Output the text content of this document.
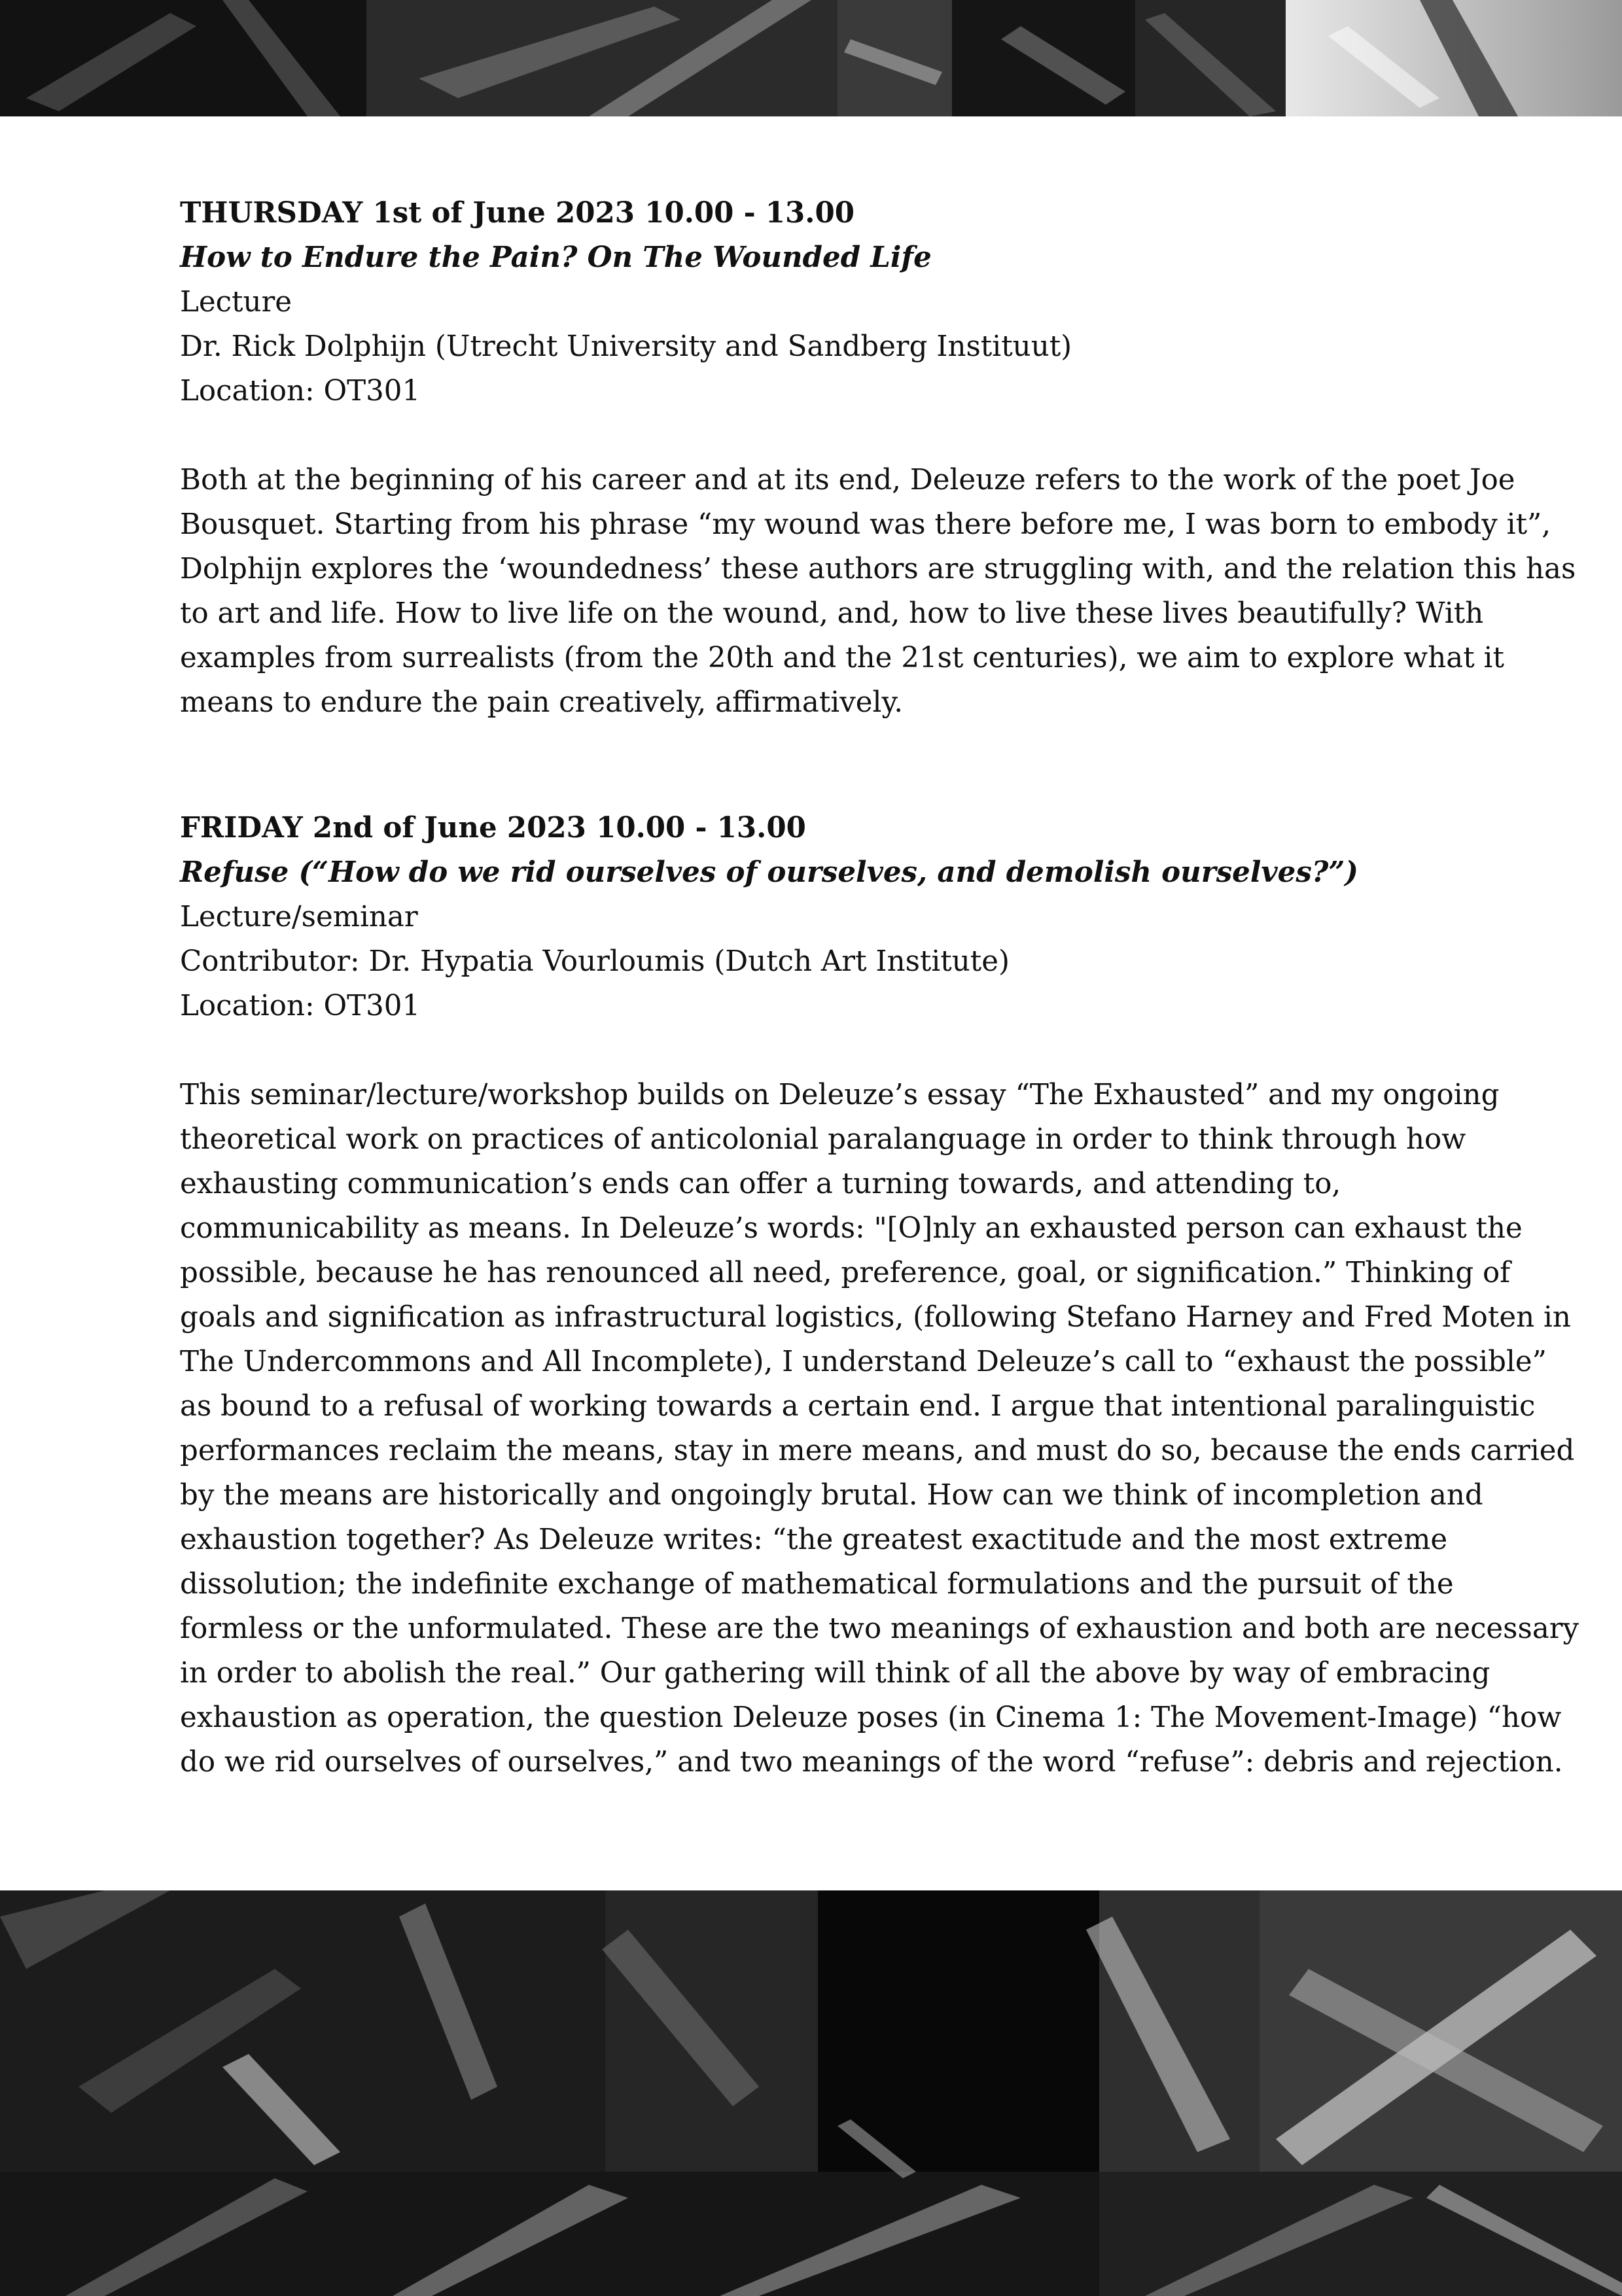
THURSDAY 1st of June 2023 10.00 - 13.00
How to Endure the Pain? On The Wounded Life
Lecture
Dr. Rick Dolphijn (Utrecht University and Sandberg Instituut)
Location: OT301
Both at the beginning of his career and at its end, Deleuze refers to the work of the poet Joe
Bousquet. Starting from his phrase “my wound was there before me, I was born to embody it”,
Dolphijn explores the ‘woundedness’ these authors are struggling with, and the relation this has
to art and life. How to live life on the wound, and, how to live these lives beautifully? With
examples from surrealists (from the 20th and the 21st centuries), we aim to explore what it
means to endure the pain creatively, affirmatively.
FRIDAY 2nd of June 2023 10.00 - 13.00
Refuse (“How do we rid ourselves of ourselves, and demolish ourselves?”)
Lecture/seminar
Contributor: Dr. Hypatia Vourloumis (Dutch Art Institute)
Location: OT301
This seminar/lecture/workshop builds on Deleuze’s essay “The Exhausted” and my ongoing
theoretical work on practices of anticolonial paralanguage in order to think through how
exhausting communication’s ends can offer a turning towards, and attending to,
communicability as means. In Deleuze’s words: "[O]nly an exhausted person can exhaust the
possible, because he has renounced all need, preference, goal, or signification.” Thinking of
goals and signification as infrastructural logistics, (following Stefano Harney and Fred Moten in
The Undercommons and All Incomplete), I understand Deleuze’s call to “exhaust the possible”
as bound to a refusal of working towards a certain end. I argue that intentional paralinguistic
performances reclaim the means, stay in mere means, and must do so, because the ends carried
by the means are historically and ongoingly brutal. How can we think of incompletion and
exhaustion together? As Deleuze writes: “the greatest exactitude and the most extreme
dissolution; the indefinite exchange of mathematical formulations and the pursuit of the
formless or the unformulated. These are the two meanings of exhaustion and both are necessary
in order to abolish the real.” Our gathering will think of all the above by way of embracing
exhaustion as operation, the question Deleuze poses (in Cinema 1: The Movement-Image) “how
do we rid ourselves of ourselves,” and two meanings of the word “refuse”: debris and rejection.
